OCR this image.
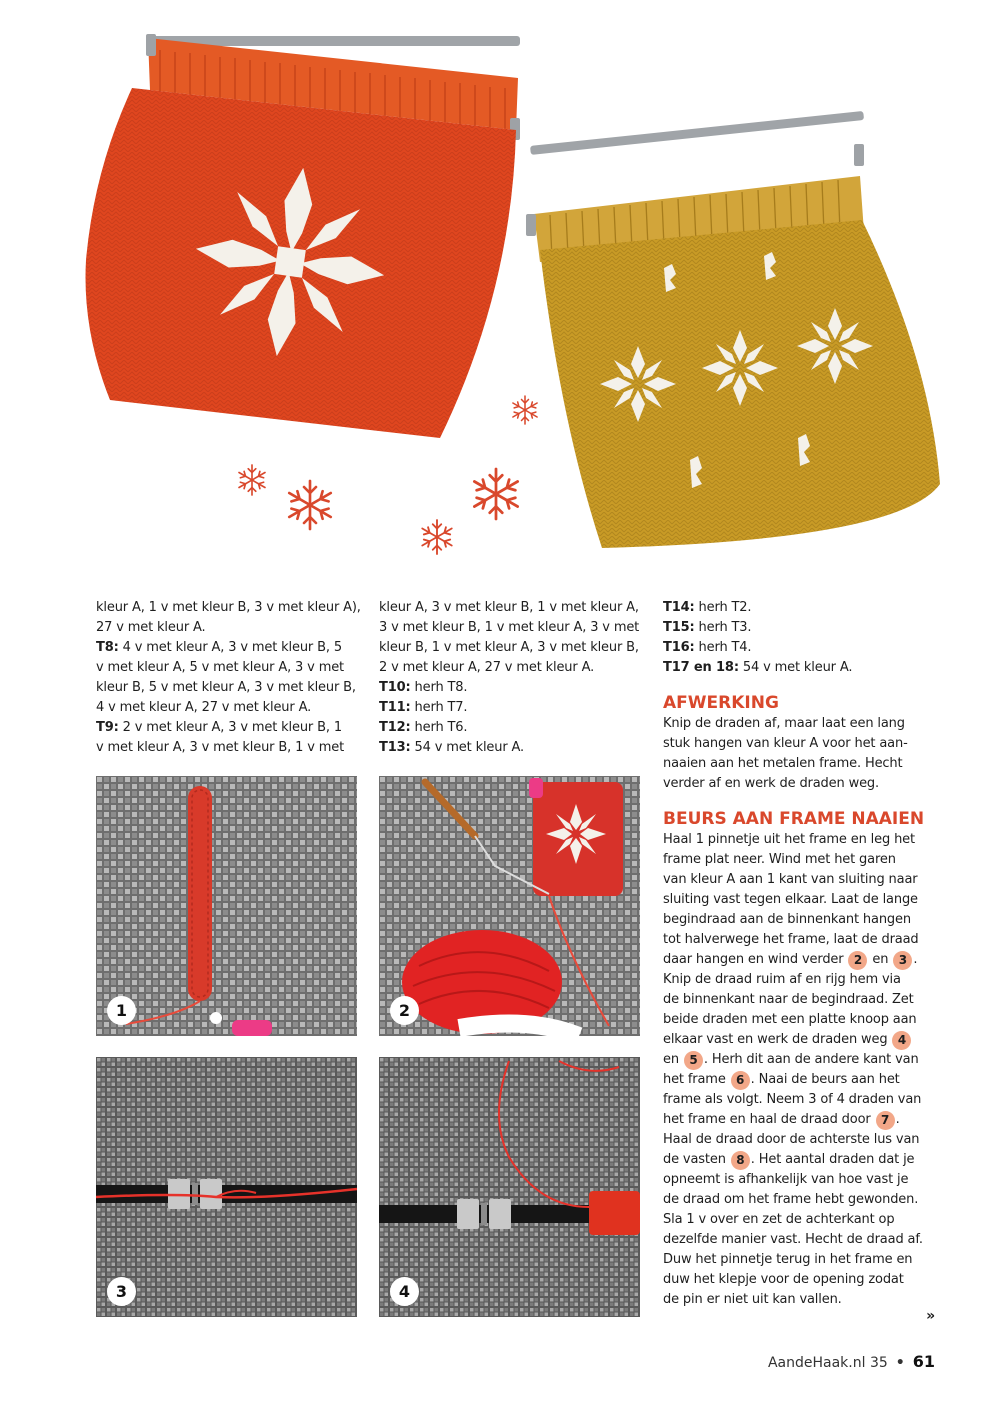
kleur A, 1 v met kleur B, 3 v met kleur A),

27 v met kleur A.

T8: 4 v met kleur A, 3 v met kleur B, 5

v met kleur A, 5 v met kleur A, 3 v met

kleur B, 5 v met kleur A, 3 v met kleur B,

4 v met kleur A, 27 v met kleur A.

T9: 2 v met kleur A, 3 v met kleur B, 1

v met kleur A, 3 v met kleur B, 1 v met

kleur A, 3 v met kleur B, 1 v met kleur A,

3 v met kleur B, 1 v met kleur A, 3 v met

kleur B, 1 v met kleur A, 3 v met kleur B,

2 v met kleur A, 27 v met kleur A.

T10: herh T8.

T11: herh T7.

T12: herh T6.

T13: 54 v met kleur A.

T14: herh T2.

T15: herh T3.

T16: herh T4.

T17 en 18: 54 v met kleur A.

AFWERKING

Knip de draden af, maar laat een lang

stuk hangen van kleur A voor het aan-

naaien aan het metalen frame. Hecht

verder af en werk de draden weg.

BEURS AAN FRAME NAAIEN

Haal 1 pinnetje uit het frame en leg het

frame plat neer. Wind met het garen

van kleur A aan 1 kant van sluiting naar

sluiting vast tegen elkaar. Laat de lange

begindraad aan de binnenkant hangen

tot halverwege het frame, laat de draad

daar hangen en wind verder 2 en 3 .

Knip de draad ruim af en rijg hem via

de binnenkant naar de begindraad. Zet

beide draden met een platte knoop aan

elkaar vast en werk de draden weg 4

en 5 . Herh dit aan de andere kant van

het frame 6 . Naai de beurs aan het

frame als volgt. Neem 3 of 4 draden van

het frame en haal de draad door 7 .

Haal de draad door de achterste lus van

de vasten 8 . Het aantal draden dat je

opneemt is afhankelijk van hoe vast je

de draad om het frame hebt gewonden.

Sla 1 v over en zet de achterkant op

dezelfde manier vast. Hecht de draad af.

Duw het pinnetje terug in het frame en

duw het klepje voor de opening zodat

de pin er niet uit kan vallen.

»
1	2
3	4
AandeHaak.nl 35 • 61
